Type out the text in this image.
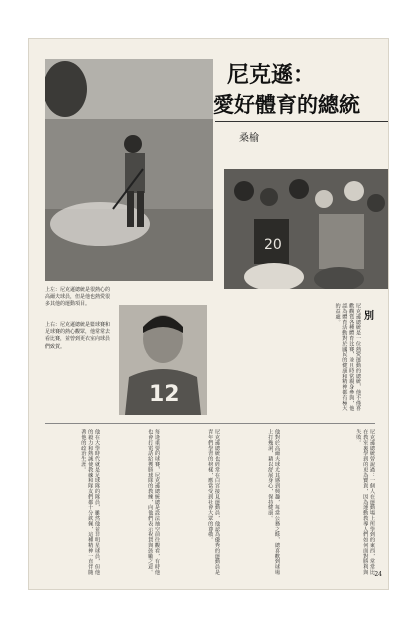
尼克遜：
愛好體育的總統
桑榆
20
上左：尼克遜總統是很熱心的高爾夫球員，但是他也熱愛很多其他的運動項目。
上右：尼克遜總統是籃球賽和足球賽的熱心觀眾，他常常去看比賽，並曾到更衣室向球員們致賀。
12
別
尼克遜總統是一位熱愛運動的總統，他不僅喜歡觀賞各種體育比賽，並且時常親身參與，他認為體育活動對於國民的健康和精神都有極大的益處。
他在大學時代就是足球隊的隊員，雖然他並非明星球員，但他的毅力和熱誠使教練和隊友們都十分欽佩，這種精神一直伴隨著他的政治生涯。	每逢重要的球賽，尼克遜總統總是設法抽空前往觀看，有時他也會打電話給獲勝球隊的教練，向他們表示祝賀與鼓勵之意。	尼克遜總統也經常在白宮接見運動員，他認為優秀的運動員是青年們學習的榜樣，應當受到社會大眾的尊敬。	他對於高爾夫球尤其感到興趣，每當公務之餘，總喜歡到球場上打幾洞，藉以舒展身心，保持健康。	尼克遜總統曾說過：一個人在運動場上所學到的東西，常常比在教室裏學到的更為寶貴，因為運動教導人們如何面對勝利與失敗。
24
